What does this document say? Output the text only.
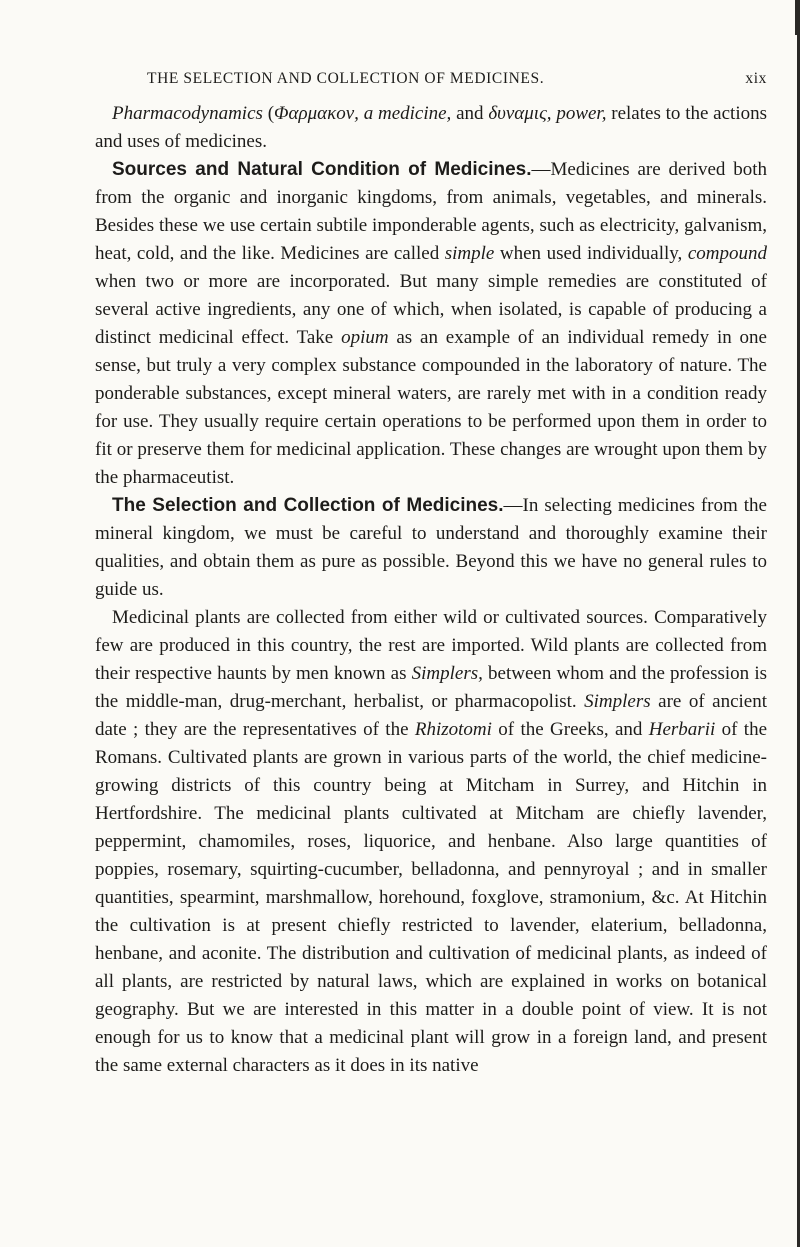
THE SELECTION AND COLLECTION OF MEDICINES.	xix

Pharmacodynamics (Φαρμακον, a medicine, and δυναμις, power, relates to the actions and uses of medicines.

Sources and Natural Condition of Medicines.—Medicines are derived both from the organic and inorganic kingdoms, from animals, vegetables, and minerals. Besides these we use certain subtile imponderable agents, such as electricity, galvanism, heat, cold, and the like. Medicines are called simple when used individually, compound when two or more are incorporated. But many simple remedies are constituted of several active ingredients, any one of which, when isolated, is capable of producing a distinct medicinal effect. Take opium as an example of an individual remedy in one sense, but truly a very complex substance compounded in the laboratory of nature. The ponderable substances, except mineral waters, are rarely met with in a condition ready for use. They usually require certain operations to be performed upon them in order to fit or preserve them for medicinal application. These changes are wrought upon them by the pharmaceutist.

The Selection and Collection of Medicines.—In selecting medicines from the mineral kingdom, we must be careful to understand and thoroughly examine their qualities, and obtain them as pure as possible. Beyond this we have no general rules to guide us.

Medicinal plants are collected from either wild or cultivated sources. Comparatively few are produced in this country, the rest are imported. Wild plants are collected from their respective haunts by men known as Simplers, between whom and the profession is the middle-man, drug-merchant, herbalist, or pharmacopolist. Simplers are of ancient date ; they are the representatives of the Rhizotomi of the Greeks, and Herbarii of the Romans. Cultivated plants are grown in various parts of the world, the chief medicine-growing districts of this country being at Mitcham in Surrey, and Hitchin in Hertfordshire. The medicinal plants cultivated at Mitcham are chiefly lavender, peppermint, chamomiles, roses, liquorice, and henbane. Also large quantities of poppies, rosemary, squirting-cucumber, belladonna, and pennyroyal ; and in smaller quantities, spearmint, marshmallow, horehound, foxglove, stramonium, &c. At Hitchin the cultivation is at present chiefly restricted to lavender, elaterium, belladonna, henbane, and aconite. The distribution and cultivation of medicinal plants, as indeed of all plants, are restricted by natural laws, which are explained in works on botanical geography. But we are interested in this matter in a double point of view. It is not enough for us to know that a medicinal plant will grow in a foreign land, and present the same external characters as it does in its native
